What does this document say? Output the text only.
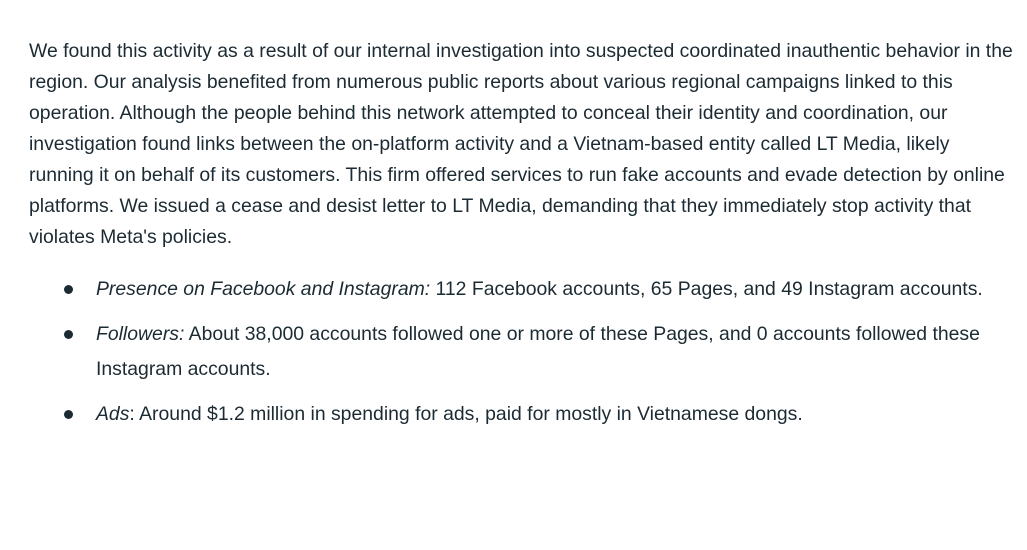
We found this activity as a result of our internal investigation into suspected coordinated inauthentic behavior in the region. Our analysis benefited from numerous public reports about various regional campaigns linked to this operation. Although the people behind this network attempted to conceal their identity and coordination, our investigation found links between the on-platform activity and a Vietnam-based entity called LT Media, likely running it on behalf of its customers. This firm offered services to run fake accounts and evade detection by online platforms. We issued a cease and desist letter to LT Media, demanding that they immediately stop activity that violates Meta's policies.

Presence on Facebook and Instagram: 112 Facebook accounts, 65 Pages, and 49 Instagram accounts.
Followers: About 38,000 accounts followed one or more of these Pages, and 0 accounts followed these Instagram accounts.
Ads: Around $1.2 million in spending for ads, paid for mostly in Vietnamese dongs.
